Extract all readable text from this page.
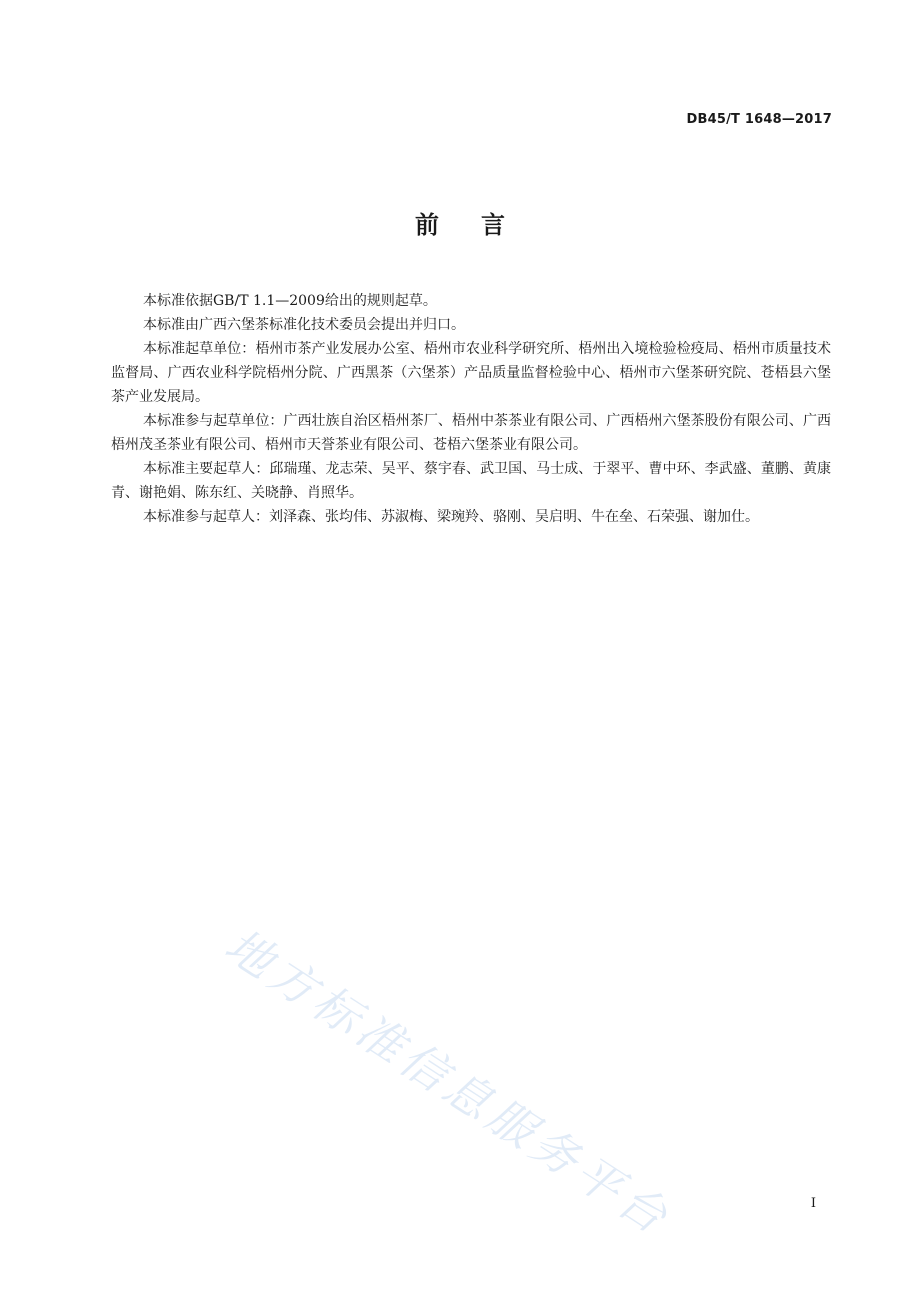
DB45/T 1648—2017
前言

本标准依据GB/T 1.1—2009给出的规则起草。

本标准由广西六堡茶标准化技术委员会提出并归口。

本标准起草单位：梧州市茶产业发展办公室、梧州市农业科学研究所、梧州出入境检验检疫局、梧州市质量技术监督局、广西农业科学院梧州分院、广西黑茶（六堡茶）产品质量监督检验中心、梧州市六堡茶研究院、苍梧县六堡茶产业发展局。

本标准参与起草单位：广西壮族自治区梧州茶厂、梧州中茶茶业有限公司、广西梧州六堡茶股份有限公司、广西梧州茂圣茶业有限公司、梧州市天誉茶业有限公司、苍梧六堡茶业有限公司。

本标准主要起草人：邱瑞瑾、龙志荣、吴平、蔡宇春、武卫国、马士成、于翠平、曹中环、李武盛、董鹏、黄康青、谢艳娟、陈东红、关晓静、肖照华。

本标准参与起草人：刘泽森、张均伟、苏淑梅、梁琬羚、骆刚、吴启明、牛在垒、石荣强、谢加仕。

地方标准信息服务平台	I
